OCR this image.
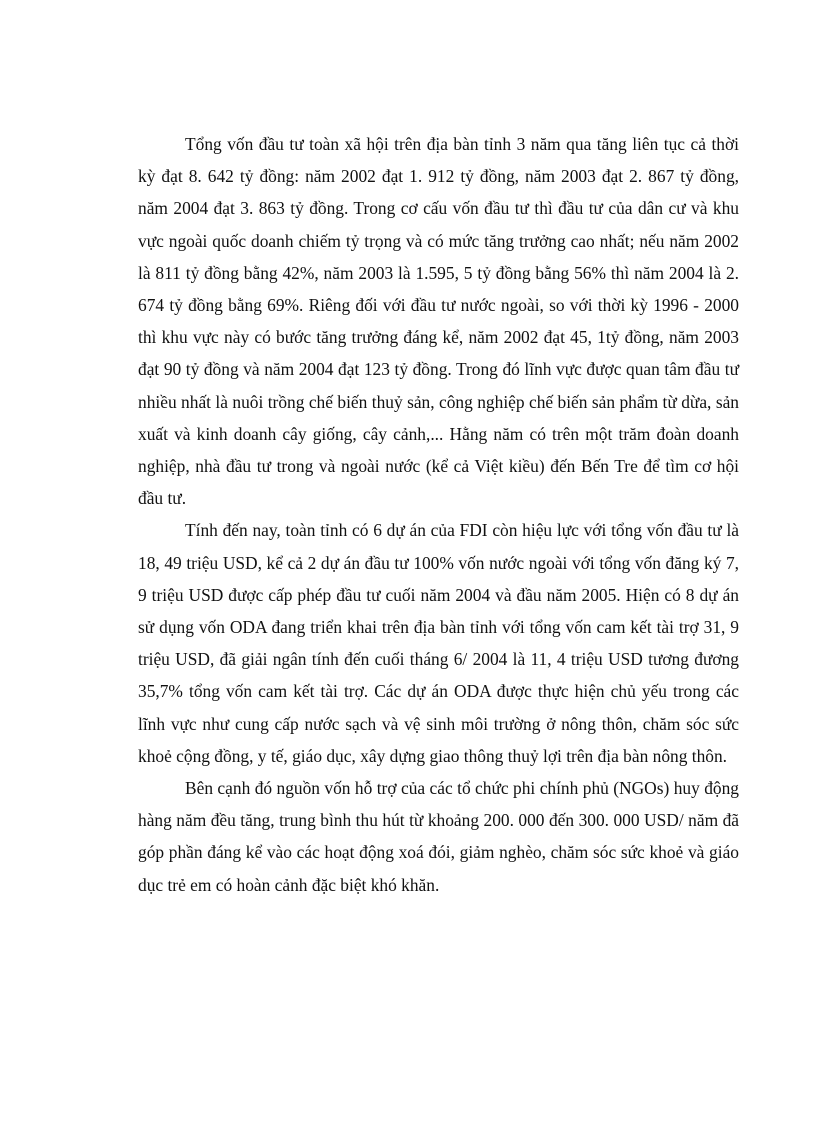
Tổng vốn đầu tư toàn xã hội trên địa bàn tỉnh 3 năm qua tăng liên tục cả thời kỳ đạt 8. 642 tỷ đồng: năm 2002 đạt 1. 912 tỷ đồng, năm 2003 đạt 2. 867 tỷ đồng, năm 2004 đạt 3. 863 tỷ đồng. Trong cơ cấu vốn đầu tư thì đầu tư của dân cư và khu vực ngoài quốc doanh chiếm tỷ trọng và có mức tăng trưởng cao nhất; nếu năm 2002 là 811 tỷ đồng bằng 42%, năm 2003 là 1.595, 5 tỷ đồng bằng 56% thì năm 2004 là 2. 674 tỷ đồng bằng 69%. Riêng đối với đầu tư nước ngoài, so với thời kỳ 1996 - 2000 thì khu vực này có bước tăng trưởng đáng kể, năm 2002 đạt 45, 1tỷ đồng, năm 2003 đạt 90 tỷ đồng và năm 2004 đạt 123 tỷ đồng. Trong đó lĩnh vực được quan tâm đầu tư nhiều nhất là nuôi trồng chế biến thuỷ sản, công nghiệp chế biến sản phẩm từ dừa, sản xuất và kinh doanh cây giống, cây cảnh,... Hằng năm có trên một trăm đoàn doanh nghiệp, nhà đầu tư trong và ngoài nước (kể cả Việt kiều) đến Bến Tre để tìm cơ hội đầu tư.

Tính đến nay, toàn tỉnh có 6 dự án của FDI còn hiệu lực với tổng vốn đầu tư là 18, 49 triệu USD, kể cả 2 dự án đầu tư 100% vốn nước ngoài với tổng vốn đăng ký 7, 9 triệu USD được cấp phép đầu tư cuối năm 2004 và đầu năm 2005. Hiện có 8 dự án sử dụng vốn ODA đang triển khai trên địa bàn tỉnh với tổng vốn cam kết tài trợ 31, 9 triệu USD, đã giải ngân tính đến cuối tháng 6/ 2004 là 11, 4 triệu USD tương đương 35,7% tổng vốn cam kết tài trợ. Các dự án ODA được thực hiện chủ yếu trong các lĩnh vực như cung cấp nước sạch và vệ sinh môi trường ở nông thôn, chăm sóc sức khoẻ cộng đồng, y tế, giáo dục, xây dựng giao thông thuỷ lợi trên địa bàn nông thôn.

Bên cạnh đó nguồn vốn hỗ trợ của các tổ chức phi chính phủ (NGOs) huy động hàng năm đều tăng, trung bình thu hút từ khoảng 200. 000 đến 300. 000 USD/ năm đã góp phần đáng kể vào các hoạt động xoá đói, giảm nghèo, chăm sóc sức khoẻ và giáo dục trẻ em có hoàn cảnh đặc biệt khó khăn.
